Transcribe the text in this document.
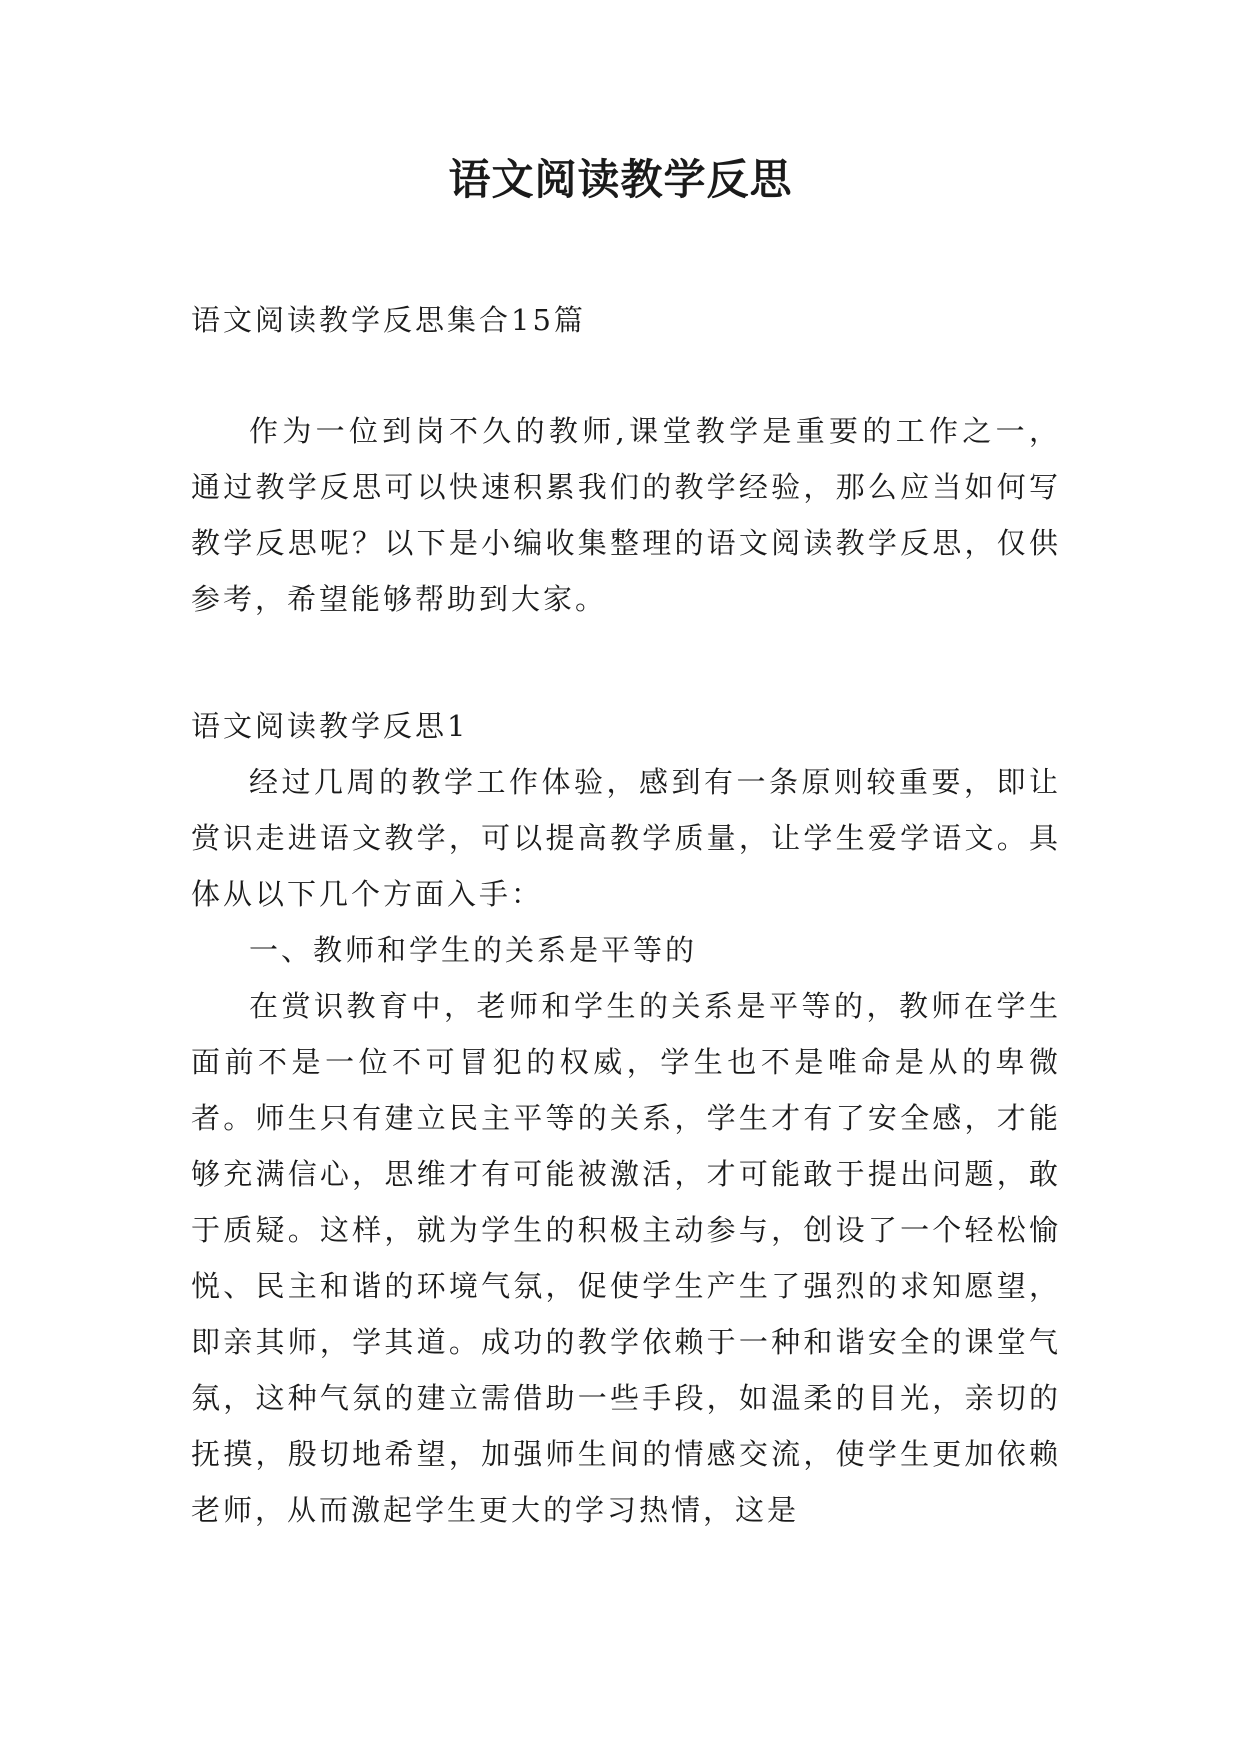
语文阅读教学反思

语文阅读教学反思集合15篇

作为一位到岗不久的教师,课堂教学是重要的工作之一，通过教学反思可以快速积累我们的教学经验，那么应当如何写教学反思呢？以下是小编收集整理的语文阅读教学反思，仅供参考，希望能够帮助到大家。

语文阅读教学反思1

经过几周的教学工作体验，感到有一条原则较重要，即让赏识走进语文教学，可以提高教学质量，让学生爱学语文。具体从以下几个方面入手：

一、教师和学生的关系是平等的

在赏识教育中，老师和学生的关系是平等的，教师在学生面前不是一位不可冒犯的权威，学生也不是唯命是从的卑微者。师生只有建立民主平等的关系，学生才有了安全感，才能够充满信心，思维才有可能被激活，才可能敢于提出问题，敢于质疑。这样，就为学生的积极主动参与，创设了一个轻松愉悦、民主和谐的环境气氛，促使学生产生了强烈的求知愿望，即亲其师，学其道。成功的教学依赖于一种和谐安全的课堂气氛，这种气氛的建立需借助一些手段，如温柔的目光，亲切的抚摸，殷切地希望，加强师生间的情感交流，使学生更加依赖老师，从而激起学生更大的学习热情，这是
